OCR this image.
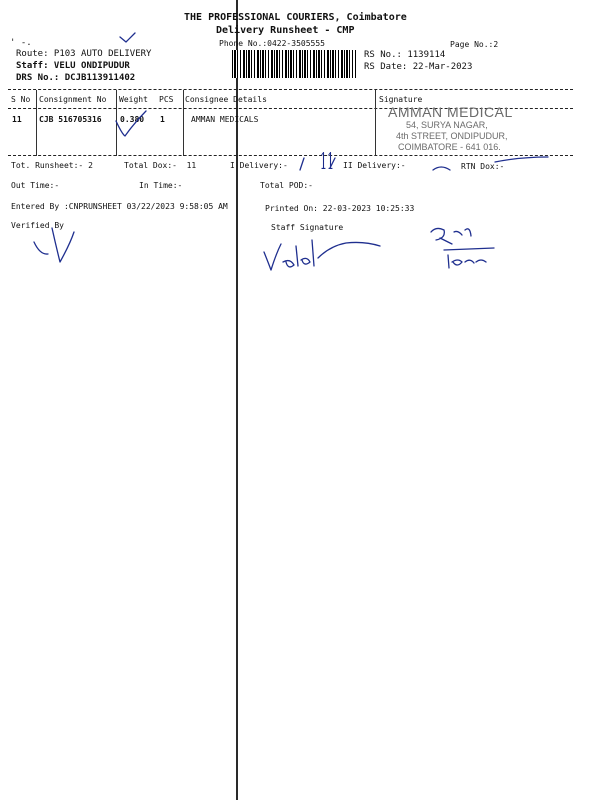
THE PROFESSIONAL COURIERS, Coimbatore
Delivery Runsheet - CMP
Phone No.:0422-3505555	Page No.:2
' -.
Route: P103 AUTO DELIVERY
Staff: VELU ONDIPUDUR
DRS No.: DCJB113911402
RS No.: 1139114
RS Date: 22-Mar-2023
S No Consignment No Weight PCS Consignee Details	Signature
11 CJB 516705316 0.380 1	AMMAN MEDICALS	AMMAN MEDICAL
54, SURYA NAGAR,
4th STREET, ONDIPUDUR,
COIMBATORE - 641 016.
Tot. Runsheet:- 2	Total Dox:-  11	I Delivery:-	II Delivery:-	RTN Dox:-
11
Out Time:-	In Time:-	Total POD:-
Entered By :CNPRUNSHEET 03/22/2023 9:58:05 AM	Printed On: 22-03-2023 10:25:33
Verified By	Staff Signature
